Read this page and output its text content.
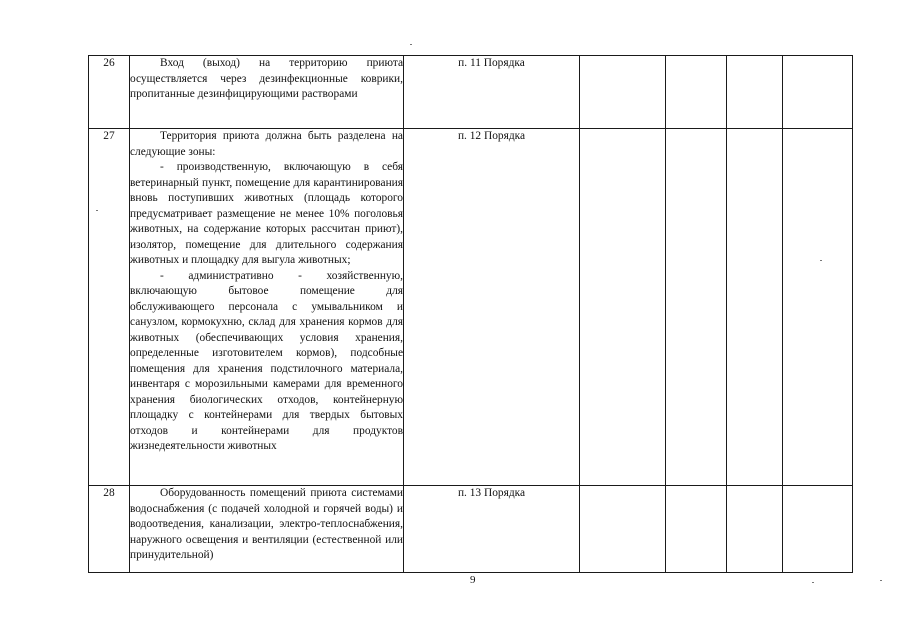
26	Вход (выход) на территорию приюта осуществляется через дезинфекционные коврики, пропитанные дезинфицирующими растворами	п. 11 Порядка				
27	Территория приюта должна быть разделена на следующие зоны:

- производственную, включающую в себя ветеринарный пункт, помещение для карантинирования вновь поступивших животных (площадь которого предусматривает размещение не менее 10% поголовья животных, на содержание которых рассчитан приют), изолятор, помещение для длительного содержания животных и площадку для выгула животных;

- административно - хозяйственную, включающую бытовое помещение для обслуживающего персонала с умывальником и санузлом, кормокухню, склад для хранения кормов для животных (обеспечивающих условия хранения, определенные изготовителем кормов), подсобные помещения для хранения подстилочного материала, инвентаря с морозильными камерами для временного хранения биологических отходов, контейнерную площадку с контейнерами для твердых бытовых отходов и контейнерами для продуктов жизнедеятельности животных	п. 12 Порядка				
28	Оборудованность помещений приюта системами водоснабжения (с подачей холодной и горячей воды) и водоотведения, канализации, электро-теплоснабжения, наружного освещения и вентиляции (естественной или принудительной)	п. 13 Порядка				
9
